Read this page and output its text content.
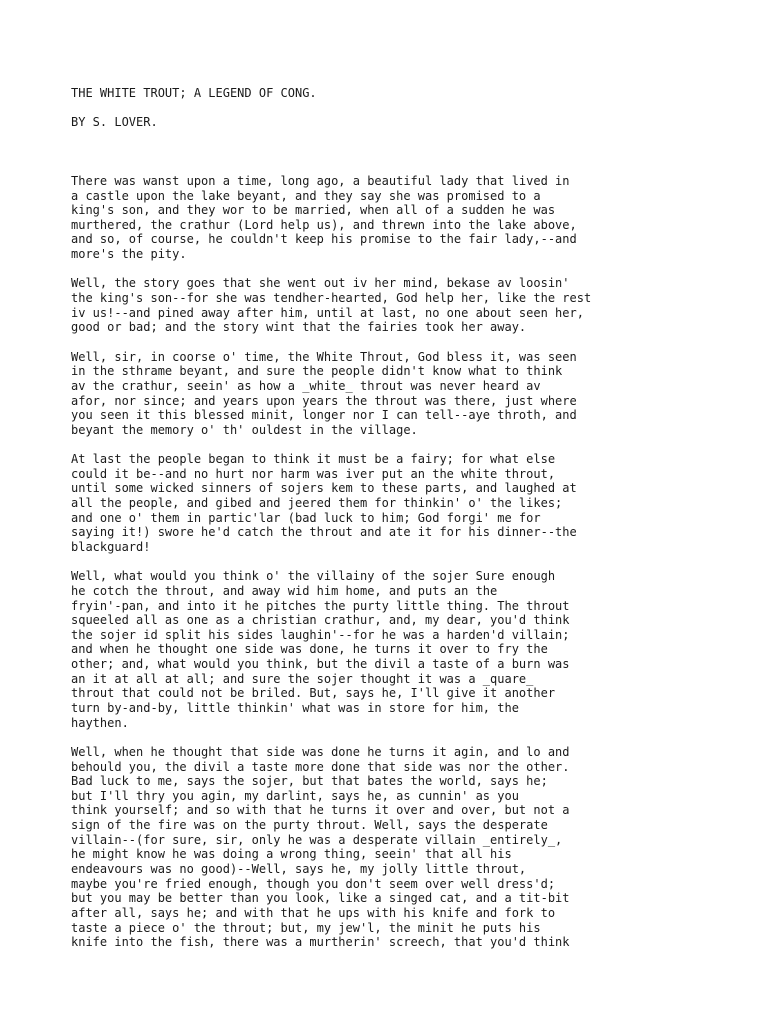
THE WHITE TROUT; A LEGEND OF CONG.
BY S. LOVER.
There was wanst upon a time, long ago, a beautiful lady that lived in
a castle upon the lake beyant, and they say she was promised to a
king's son, and they wor to be married, when all of a sudden he was
murthered, the crathur (Lord help us), and threwn into the lake above,
and so, of course, he couldn't keep his promise to the fair lady,--and
more's the pity.
Well, the story goes that she went out iv her mind, bekase av loosin'
the king's son--for she was tendher-hearted, God help her, like the rest
iv us!--and pined away after him, until at last, no one about seen her,
good or bad; and the story wint that the fairies took her away.
Well, sir, in coorse o' time, the White Throut, God bless it, was seen
in the sthrame beyant, and sure the people didn't know what to think
av the crathur, seein' as how a _white_ throut was never heard av
afor, nor since; and years upon years the throut was there, just where
you seen it this blessed minit, longer nor I can tell--aye throth, and
beyant the memory o' th' ouldest in the village.
At last the people began to think it must be a fairy; for what else
could it be--and no hurt nor harm was iver put an the white throut,
until some wicked sinners of sojers kem to these parts, and laughed at
all the people, and gibed and jeered them for thinkin' o' the likes;
and one o' them in partic'lar (bad luck to him; God forgi' me for
saying it!) swore he'd catch the throut and ate it for his dinner--the
blackguard!
Well, what would you think o' the villainy of the sojer Sure enough
he cotch the throut, and away wid him home, and puts an the
fryin'-pan, and into it he pitches the purty little thing. The throut
squeeled all as one as a christian crathur, and, my dear, you'd think
the sojer id split his sides laughin'--for he was a harden'd villain;
and when he thought one side was done, he turns it over to fry the
other; and, what would you think, but the divil a taste of a burn was
an it at all at all; and sure the sojer thought it was a _quare_
throut that could not be briled. But, says he, I'll give it another
turn by-and-by, little thinkin' what was in store for him, the
haythen.
Well, when he thought that side was done he turns it agin, and lo and
behould you, the divil a taste more done that side was nor the other.
Bad luck to me, says the sojer, but that bates the world, says he;
but I'll thry you agin, my darlint, says he, as cunnin' as you
think yourself; and so with that he turns it over and over, but not a
sign of the fire was on the purty throut. Well, says the desperate
villain--(for sure, sir, only he was a desperate villain _entirely_,
he might know he was doing a wrong thing, seein' that all his
endeavours was no good)--Well, says he, my jolly little throut,
maybe you're fried enough, though you don't seem over well dress'd;
but you may be better than you look, like a singed cat, and a tit-bit
after all, says he; and with that he ups with his knife and fork to
taste a piece o' the throut; but, my jew'l, the minit he puts his
knife into the fish, there was a murtherin' screech, that you'd think
